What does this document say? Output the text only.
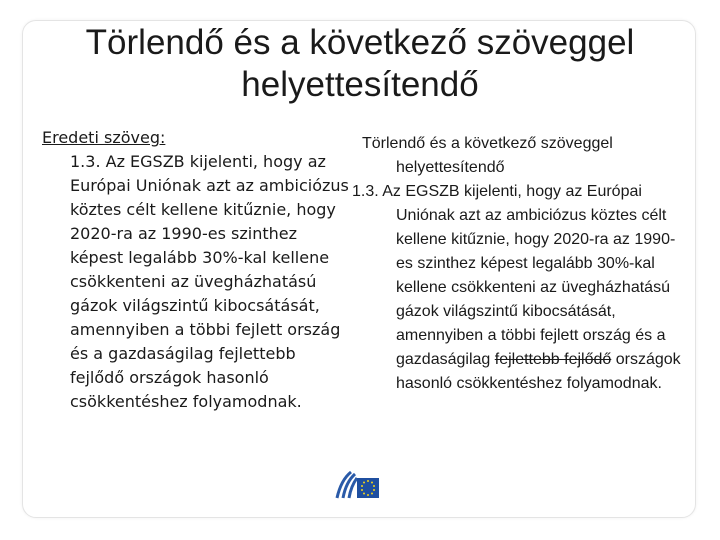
Törlendő és a következő szöveggel helyettesítendő
Eredeti szöveg:
1.3. Az EGSZB kijelenti, hogy az Európai Uniónak azt az ambiciózus köztes célt kellene kitűznie, hogy 2020-ra az 1990-es szinthez képest legalább 30%-kal kellene csökkenteni az üvegházhatású gázok világszintű kibocsátását, amennyiben a többi fejlett ország és a gazdaságilag fejlettebb fejlődő országok hasonló csökkentéshez folyamodnak.
Törlendő és a következő szöveggel
helyettesítendő
1.3. Az EGSZB kijelenti, hogy az Európai Uniónak azt az ambiciózus köztes célt kellene kitűznie, hogy 2020-ra az 1990-es szinthez képest legalább 30%-kal kellene csökkenteni az üvegházhatású gázok világszintű kibocsátását, amennyiben a többi fejlett ország és a gazdaságilag fejlettebb fejlődő országok hasonló csökkentéshez folyamodnak.
